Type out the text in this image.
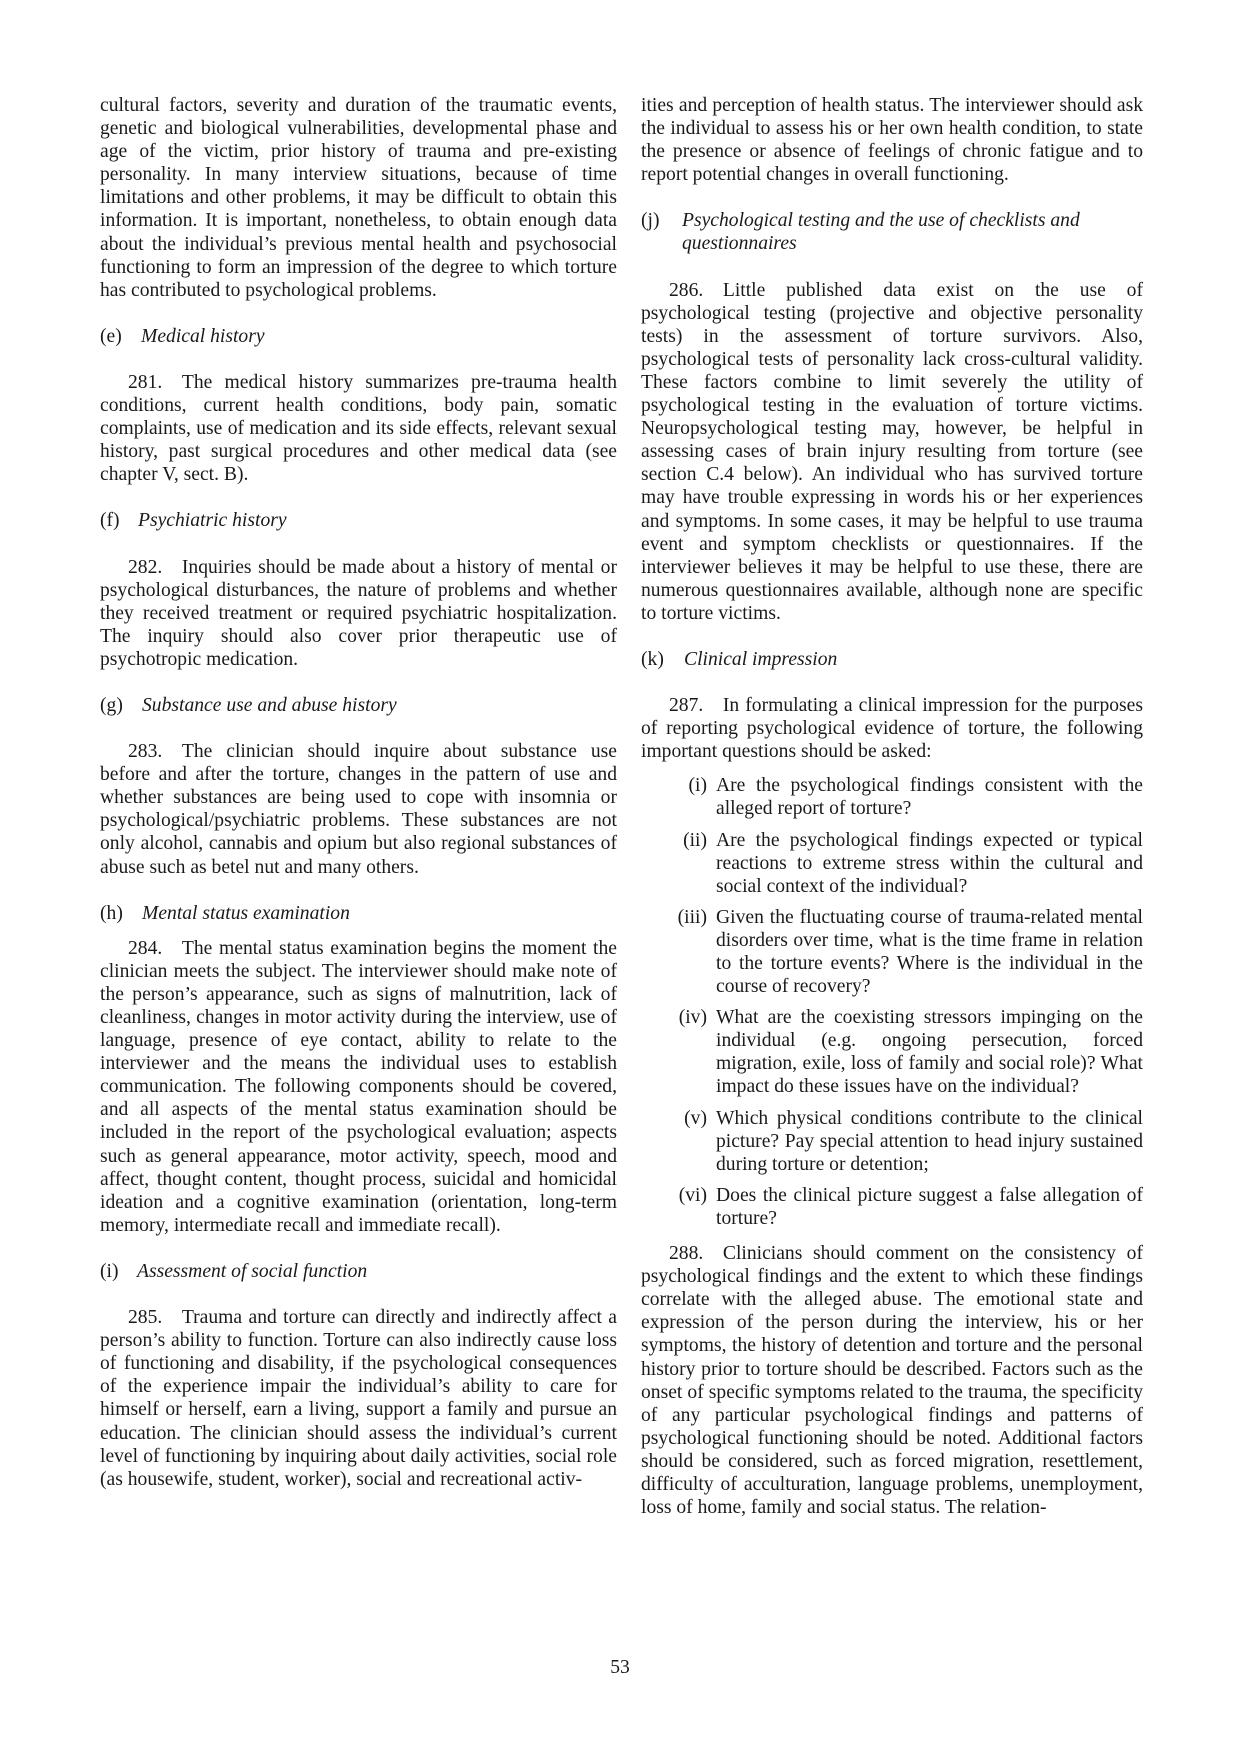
cultural factors, severity and duration of the traumatic events, genetic and biological vulnerabilities, developmental phase and age of the victim, prior history of trauma and pre-existing personality. In many interview situations, because of time limitations and other problems, it may be difficult to obtain this information. It is important, nonetheless, to obtain enough data about the individual’s previous mental health and psychosocial functioning to form an impression of the degree to which torture has contributed to psychological problems.

(e) Medical history

281. The medical history summarizes pre-trauma health conditions, current health conditions, body pain, somatic complaints, use of medication and its side effects, relevant sexual history, past surgical procedures and other medical data (see chapter V, sect. B).

(f) Psychiatric history

282. Inquiries should be made about a history of mental or psychological disturbances, the nature of problems and whether they received treatment or required psychiatric hospitalization. The inquiry should also cover prior therapeutic use of psychotropic medication.

(g) Substance use and abuse history

283. The clinician should inquire about substance use before and after the torture, changes in the pattern of use and whether substances are being used to cope with insomnia or psychological/psychiatric problems. These substances are not only alcohol, cannabis and opium but also regional substances of abuse such as betel nut and many others.

(h) Mental status examination

284. The mental status examination begins the moment the clinician meets the subject. The interviewer should make note of the person’s appearance, such as signs of malnutrition, lack of cleanliness, changes in motor activity during the interview, use of language, presence of eye contact, ability to relate to the interviewer and the means the individual uses to establish communication. The following components should be covered, and all aspects of the mental status examination should be included in the report of the psychological evaluation; aspects such as general appearance, motor activity, speech, mood and affect, thought content, thought process, suicidal and homicidal ideation and a cognitive examination (orientation, long-term memory, intermediate recall and immediate recall).

(i) Assessment of social function

285. Trauma and torture can directly and indirectly affect a person’s ability to function. Torture can also indirectly cause loss of functioning and disability, if the psychological consequences of the experience impair the individual’s ability to care for himself or herself, earn a living, support a family and pursue an education. The clinician should assess the individual’s current level of functioning by inquiring about daily activities, social role (as housewife, student, worker), social and recreational activ-

ities and perception of health status. The interviewer should ask the individual to assess his or her own health condition, to state the presence or absence of feelings of chronic fatigue and to report potential changes in overall functioning.

(j)	Psychological testing and the use of checklists and questionnaires

286. Little published data exist on the use of psychological testing (projective and objective personality tests) in the assessment of torture survivors. Also, psychological tests of personality lack cross-cultural validity. These factors combine to limit severely the utility of psychological testing in the evaluation of torture victims. Neuropsychological testing may, however, be helpful in assessing cases of brain injury resulting from torture (see section C.4 below). An individual who has survived torture may have trouble expressing in words his or her experiences and symptoms. In some cases, it may be helpful to use trauma event and symptom checklists or questionnaires. If the interviewer believes it may be helpful to use these, there are numerous questionnaires available, although none are specific to torture victims.

(k) Clinical impression

287. In formulating a clinical impression for the purposes of reporting psychological evidence of torture, the following important questions should be asked:

(i) Are the psychological findings consistent with the alleged report of torture?
(ii) Are the psychological findings expected or typical reactions to extreme stress within the cultural and social context of the individual?
(iii) Given the fluctuating course of trauma-related mental disorders over time, what is the time frame in relation to the torture events? Where is the individual in the course of recovery?
(iv) What are the coexisting stressors impinging on the individual (e.g. ongoing persecution, forced migration, exile, loss of family and social role)? What impact do these issues have on the individual?
(v) Which physical conditions contribute to the clinical picture? Pay special attention to head injury sustained during torture or detention;
(vi) Does the clinical picture suggest a false allegation of torture?

288. Clinicians should comment on the consistency of psychological findings and the extent to which these findings correlate with the alleged abuse. The emotional state and expression of the person during the interview, his or her symptoms, the history of detention and torture and the personal history prior to torture should be described. Factors such as the onset of specific symptoms related to the trauma, the specificity of any particular psychological findings and patterns of psychological functioning should be noted. Additional factors should be considered, such as forced migration, resettlement, difficulty of acculturation, language problems, unemployment, loss of home, family and social status. The relation-

53
